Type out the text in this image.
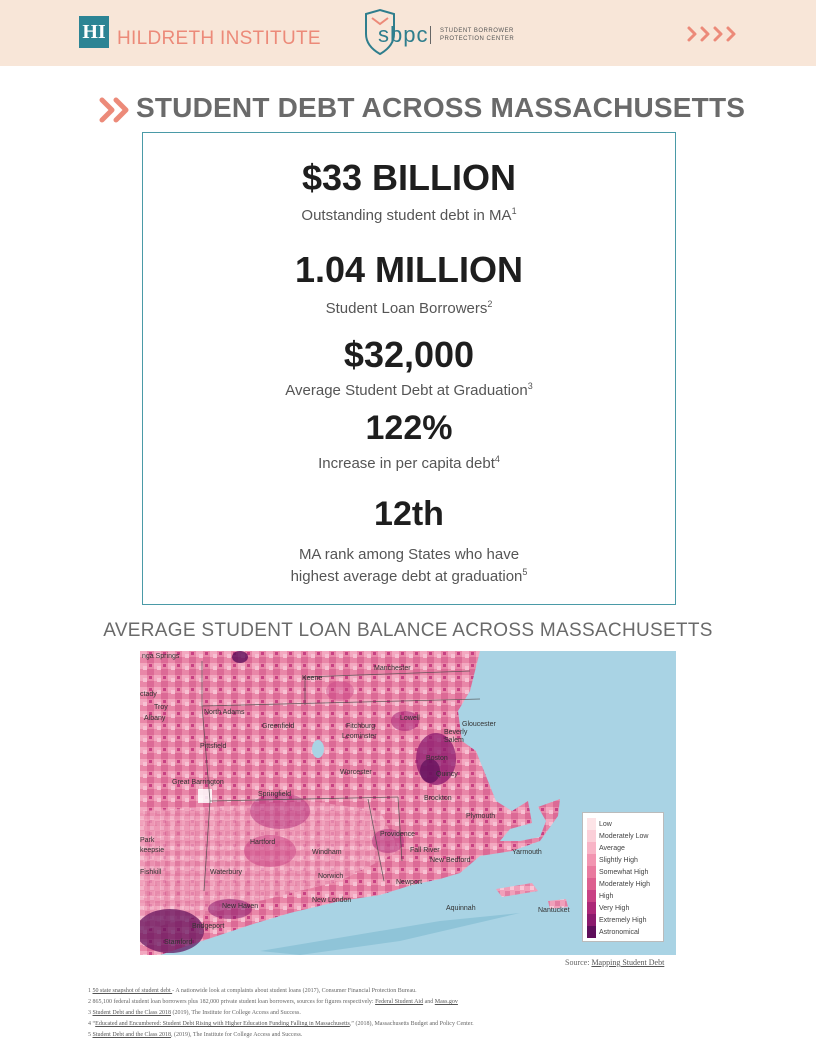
HI HILDRETH INSTITUTE	sbpc STUDENT BORROWER
PROTECTION CENTER
STUDENT DEBT ACROSS MASSACHUSETTS
$33 BILLION
Outstanding student debt in $MA^1$
1.04 MILLION
Student Loan Borrowers$^2$
$32,000
Average Student Debt at Graduation$^3$
122%
Increase in per capita debt$^4$
12th
MA rank among States who have
highest average debt at graduation$^5$
AVERAGE STUDENT LOAN BALANCE ACROSS MASSACHUSETTS
nga Springs
Manchester
Keene
ctady
Troy
Albany
North Adams
Greenfield	Fitchburg
Leominster
Lowell
Gloucester
Beverly
Salem
Pittsfield
Worcester
Boston
Quincy
Great Barrington
Springfield
Brockton
Plymouth
Park
Providence
Hartford
Windham	Fall River
New Bedford
Yarmouth
keepsie
Fishkill	Waterbury
Norwich
Newport
New London
Aquinnah	Nantucket
New Haven
Bridgeport
Stamford
Low
Moderately Low
Average
Slightly High
Somewhat High
Moderately High
High
Very High
Extremely High
Astronomical
Source: Mapping Student Debt
1 50 state snapshot of student debt - A nationwide look at complaints about student loans (2017), Consumer Financial Protection Bureau.
2 865,100 federal student loan borrowers plus 182,000 private student loan borrowers, sources for figures respectively: Federal Student Aid and Mass.gov
3 Student Debt and the Class 2018 (2019), The Institute for College Access and Success.
4 “Educated and Encumbered: Student Debt Rising with Higher Education Funding Falling in Massachusetts,” (2018), Massachusetts Budget and Policy Center.
5 Student Debt and the Class 2018, (2019), The Institute for College Access and Success.
